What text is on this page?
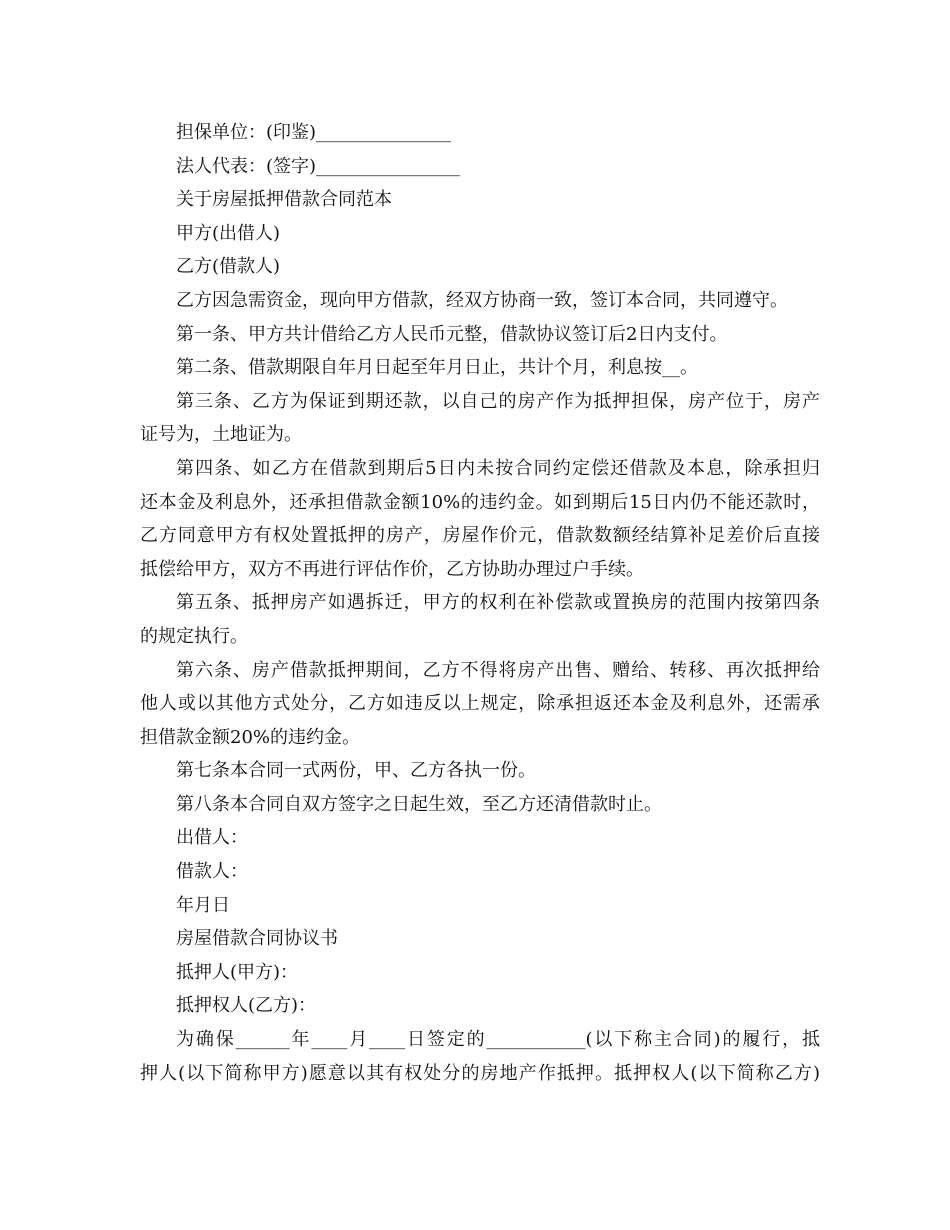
担保单位：(印鉴)_______________
法人代表：(签字)________________
关于房屋抵押借款合同范本
甲方(出借人)
乙方(借款人)
乙方因急需资金，现向甲方借款，经双方协商一致，签订本合同，共同遵守。
第一条、甲方共计借给乙方人民币元整，借款协议签订后2日内支付。
第二条、借款期限自年月日起至年月日止，共计个月，利息按__。
第三条、乙方为保证到期还款，以自己的房产作为抵押担保，房产位于，房产
证号为，土地证为。
第四条、如乙方在借款到期后5日内未按合同约定偿还借款及本息，除承担归
还本金及利息外，还承担借款金额10%的违约金。如到期后15日内仍不能还款时，
乙方同意甲方有权处置抵押的房产，房屋作价元，借款数额经结算补足差价后直接
抵偿给甲方，双方不再进行评估作价，乙方协助办理过户手续。
第五条、抵押房产如遇拆迁，甲方的权利在补偿款或置换房的范围内按第四条
的规定执行。
第六条、房产借款抵押期间，乙方不得将房产出售、赠给、转移、再次抵押给
他人或以其他方式处分，乙方如违反以上规定，除承担返还本金及利息外，还需承
担借款金额20%的违约金。
第七条本合同一式两份，甲、乙方各执一份。
第八条本合同自双方签字之日起生效，至乙方还清借款时止。
出借人：
借款人：
年月日
房屋借款合同协议书
抵押人(甲方)：
抵押权人(乙方)：
为确保______年____月____日签定的___________(以下称主合同)的履行，抵
押人(以下简称甲方)愿意以其有权处分的房地产作抵押。抵押权人(以下简称乙方)
